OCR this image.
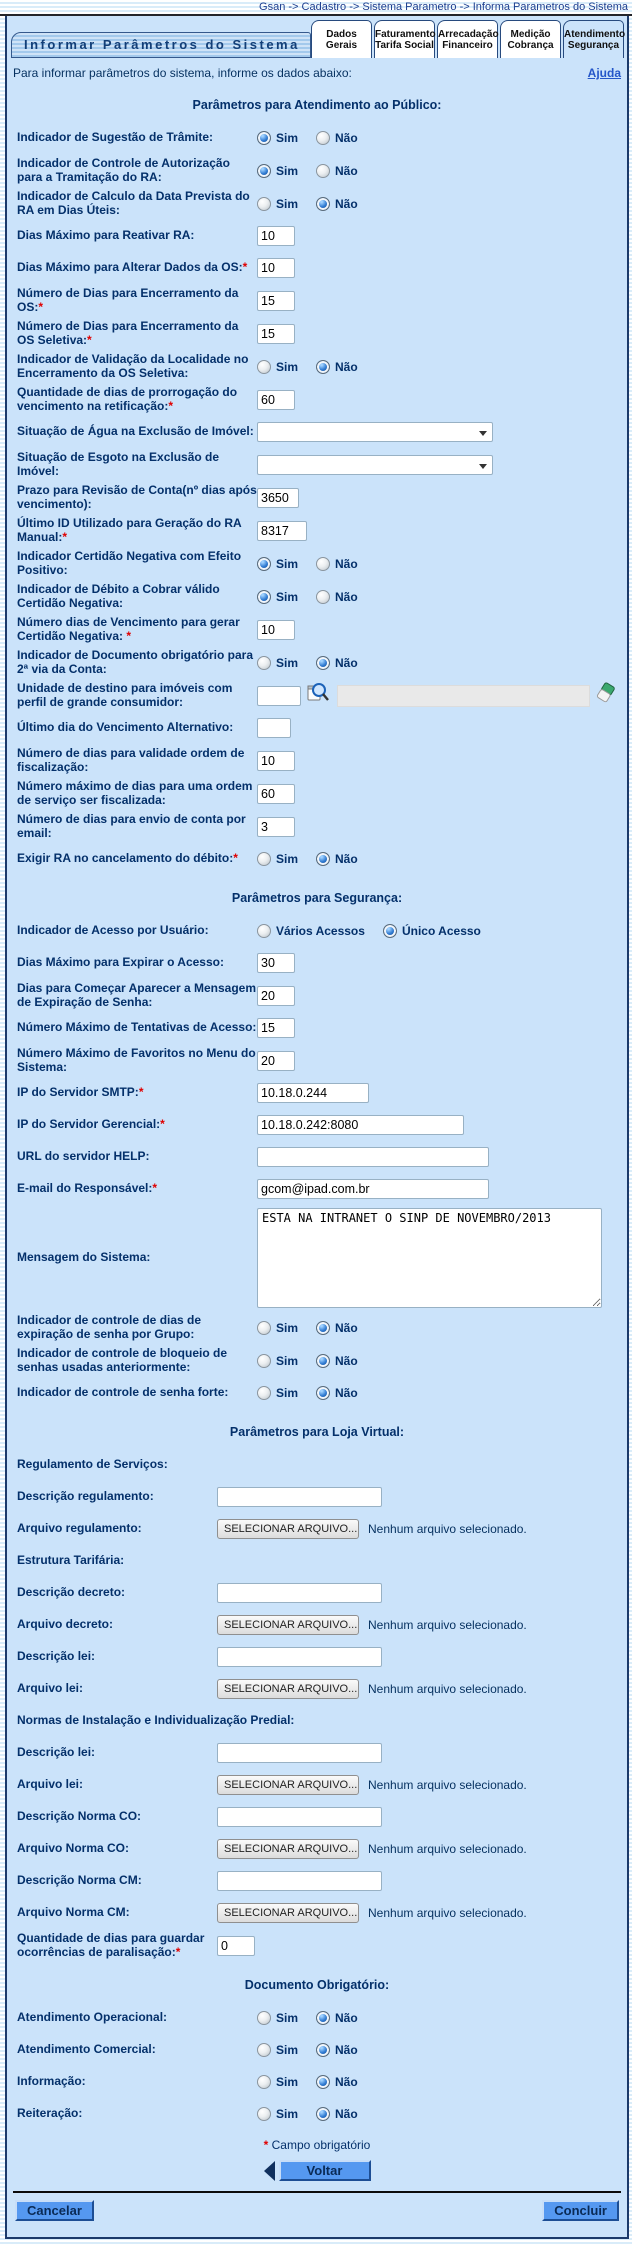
Gsan -> Cadastro -> Sistema Parametro -> Informa Parametros do Sistema
Informar Parâmetros do Sistema
Dados
Gerais
Faturamento
Tarifa Social
Arrecadação
Financeiro
Medição
Cobrança
Atendimento
Segurança
Para informar parâmetros do sistema, informe os dados abaixo:	Ajuda
Parâmetros para Atendimento ao Público:
Indicador de Sugestão de Trâmite:	Sim	Não
Indicador de Controle de Autorização para a Tramitação do RA:	Sim	Não
Indicador de Calculo da Data Prevista do RA em Dias Úteis:	Sim	Não
Dias Máximo para Reativar RA:
10
Dias Máximo para Alterar Dados da OS:*
10
Número de Dias para Encerramento da OS:*
15
Número de Dias para Encerramento da OS Seletiva:*
15
Indicador de Validação da Localidade no Encerramento da OS Seletiva:	Sim	Não
Quantidade de dias de prorrogação do vencimento na retificação:*
60
Situação de Água na Exclusão de Imóvel:
Situação de Esgoto na Exclusão de Imóvel:
Prazo para Revisão de Conta(nº dias após vencimento):
3650
Último ID Utilizado para Geração do RA Manual:*
8317
Indicador Certidão Negativa com Efeito Positivo:	Sim	Não
Indicador de Débito a Cobrar válido Certidão Negativa:	Sim	Não
Número dias de Vencimento para gerar Certidão Negativa: *
10
Indicador de Documento obrigatório para 2ª via da Conta:	Sim	Não
Unidade de destino para imóveis com perfil de grande consumidor:
Último dia do Vencimento Alternativo:
Número de dias para validade ordem de fiscalização:
10
Número máximo de dias para uma ordem de serviço ser fiscalizada:
60
Número de dias para envio de conta por email:
3
Exigir RA no cancelamento do débito:*	Sim	Não
Parâmetros para Segurança:
Indicador de Acesso por Usuário:	Vários Acessos	Único Acesso
Dias Máximo para Expirar o Acesso:
30
Dias para Começar Aparecer a Mensagem de Expiração de Senha:
20
Número Máximo de Tentativas de Acesso:
15
Número Máximo de Favoritos no Menu do Sistema:
20
IP do Servidor SMTP:*
10.18.0.244
IP do Servidor Gerencial:*
10.18.0.242:8080
URL do servidor HELP:
E-mail do Responsável:*
gcom@ipad.com.br
Mensagem do Sistema:
ESTA NA INTRANET O SINP DE NOVEMBRO/2013
Indicador de controle de dias de expiração de senha por Grupo:	Sim	Não
Indicador de controle de bloqueio de senhas usadas anteriormente:	Sim	Não
Indicador de controle de senha forte:	Sim	Não
Parâmetros para Loja Virtual:
Regulamento de Serviços:
Descrição regulamento:
Arquivo regulamento:	SELECIONAR ARQUIVO... Nenhum arquivo selecionado.
Estrutura Tarifária:
Descrição decreto:
Arquivo decreto:	SELECIONAR ARQUIVO... Nenhum arquivo selecionado.
Descrição lei:
Arquivo lei:	SELECIONAR ARQUIVO... Nenhum arquivo selecionado.
Normas de Instalação e Individualização Predial:
Descrição lei:
Arquivo lei:	SELECIONAR ARQUIVO... Nenhum arquivo selecionado.
Descrição Norma CO:
Arquivo Norma CO:	SELECIONAR ARQUIVO... Nenhum arquivo selecionado.
Descrição Norma CM:
Arquivo Norma CM:	SELECIONAR ARQUIVO... Nenhum arquivo selecionado.
Quantidade de dias para guardar ocorrências de paralisação:*
0
Documento Obrigatório:
Atendimento Operacional:	Sim	Não
Atendimento Comercial:	Sim	Não
Informação:	Sim	Não
Reiteração:	Sim	Não
* Campo obrigatório
Voltar
Cancelar	Concluir
